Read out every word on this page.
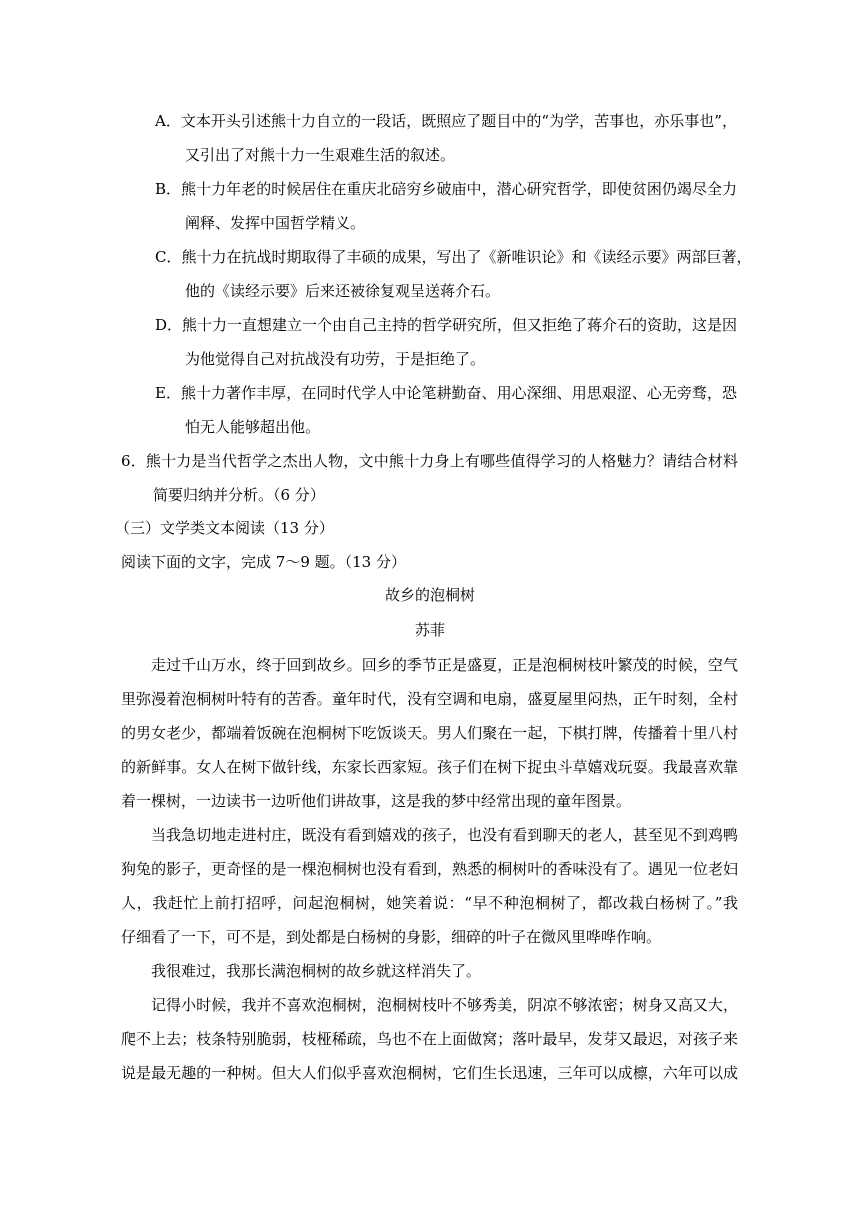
A．文本开头引述熊十力自立的一段话，既照应了题目中的“为学，苦事也，亦乐事也”，
又引出了对熊十力一生艰难生活的叙述。
B．熊十力年老的时候居住在重庆北碚穷乡破庙中，潜心研究哲学，即使贫困仍竭尽全力
阐释、发挥中国哲学精义。
C．熊十力在抗战时期取得了丰硕的成果，写出了《新唯识论》和《读经示要》两部巨著，
他的《读经示要》后来还被徐复观呈送蒋介石。
D．熊十力一直想建立一个由自己主持的哲学研究所，但又拒绝了蒋介石的资助，这是因
为他觉得自己对抗战没有功劳，于是拒绝了。
E．熊十力著作丰厚，在同时代学人中论笔耕勤奋、用心深细、用思艰涩、心无旁骛，恐
怕无人能够超出他。
6．熊十力是当代哲学之杰出人物，文中熊十力身上有哪些值得学习的人格魅力？请结合材料
简要归纳并分析。（6 分）
（三）文学类文本阅读（13 分）
阅读下面的文字，完成 7～9 题。（13 分）
故乡的泡桐树
苏菲
走过千山万水，终于回到故乡。回乡的季节正是盛夏，正是泡桐树枝叶繁茂的时候，空气
里弥漫着泡桐树叶特有的苦香。童年时代，没有空调和电扇，盛夏屋里闷热，正午时刻，全村
的男女老少，都端着饭碗在泡桐树下吃饭谈天。男人们聚在一起，下棋打牌，传播着十里八村
的新鲜事。女人在树下做针线，东家长西家短。孩子们在树下捉虫斗草嬉戏玩耍。我最喜欢靠
着一棵树，一边读书一边听他们讲故事，这是我的梦中经常出现的童年图景。
当我急切地走进村庄，既没有看到嬉戏的孩子，也没有看到聊天的老人，甚至见不到鸡鸭
狗兔的影子，更奇怪的是一棵泡桐树也没有看到，熟悉的桐树叶的香味没有了。遇见一位老妇
人，我赶忙上前打招呼，问起泡桐树，她笑着说：“早不种泡桐树了，都改栽白杨树了。”我
仔细看了一下，可不是，到处都是白杨树的身影，细碎的叶子在微风里哗哗作响。
我很难过，我那长满泡桐树的故乡就这样消失了。
记得小时候，我并不喜欢泡桐树，泡桐树枝叶不够秀美，阴凉不够浓密；树身又高又大，
爬不上去；枝条特别脆弱，枝桠稀疏，鸟也不在上面做窝；落叶最早，发芽又最迟，对孩子来
说是最无趣的一种树。但大人们似乎喜欢泡桐树，它们生长迅速，三年可以成檩，六年可以成
